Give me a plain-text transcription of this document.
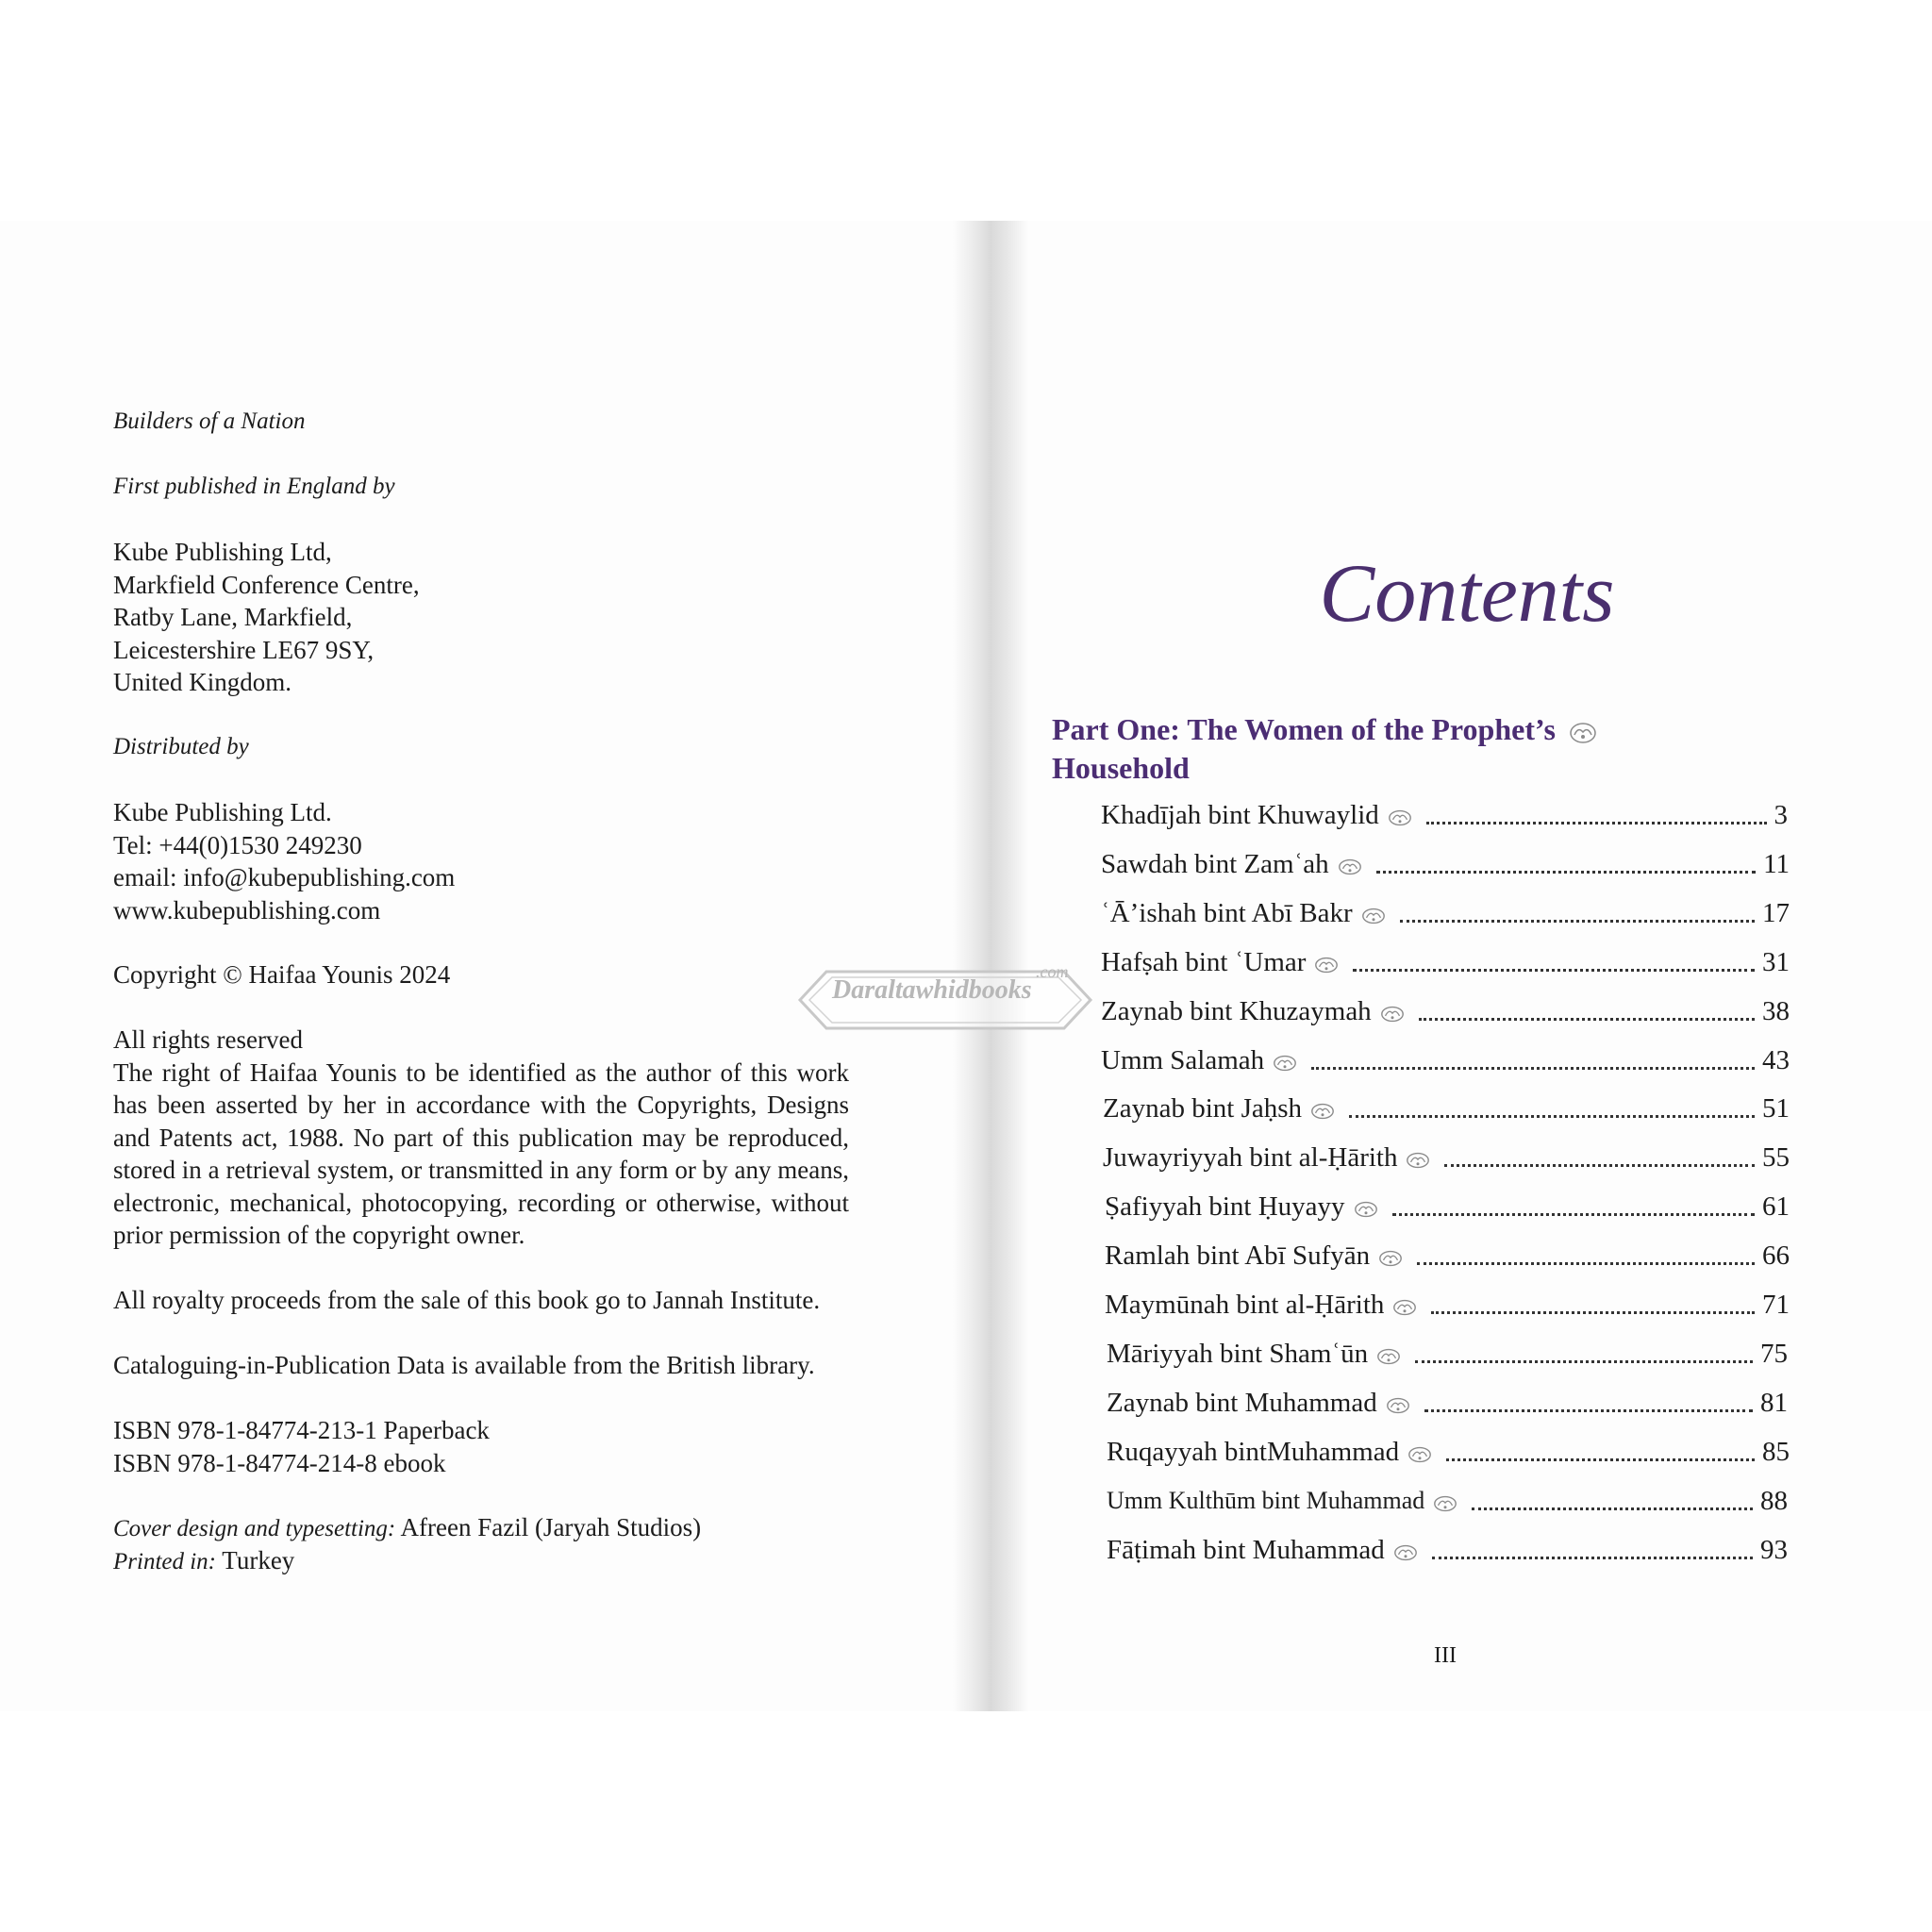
Builders of a Nation
First published in England by
Kube Publishing Ltd,
Markfield Conference Centre,
Ratby Lane, Markfield,
Leicestershire LE67 9SY,
United Kingdom.
Distributed by
Kube Publishing Ltd.
Tel: +44(0)1530 249230
email: info@kubepublishing.com
www.kubepublishing.com
Copyright © Haifaa Younis 2024
All rights reserved
The right of Haifaa Younis to be identified as the author of this work has been asserted by her in accordance with the Copyrights, Designs and Patents act, 1988. No part of this publication may be reproduced, stored in a retrieval system, or transmitted in any form or by any means, electronic, mechanical, photocopying, recording or otherwise, without prior permission of the copyright owner.
All royalty proceeds from the sale of this book go to Jannah Institute.
Cataloguing-in-Publication Data is available from the British library.
ISBN 978-1-84774-213-1 Paperback
ISBN 978-1-84774-214-8 ebook
Cover design and typesetting: Afreen Fazil (Jaryah Studios)
Printed in: Turkey
Contents
Part One: The Women of the Prophet’s
Household
Khadījah bint Khuwaylid	3
Sawdah bint Zamʿah	11
ʿĀ’ishah bint Abī Bakr	17
Hafṣah bint ʿUmar	31
Zaynab bint Khuzaymah	38
Umm Salamah	43
Zaynab bint Jaḥsh	51
Juwayriyyah bint al-Ḥārith	55
Ṣafiyyah bint Ḥuyayy	61
Ramlah bint Abī Sufyān	66
Maymūnah bint al-Ḥārith	71
Māriyyah bint Shamʿūn	75
Zaynab bint Muhammad	81
Ruqayyah bintMuhammad	85
Umm Kulthūm bint Muhammad	88
Fāṭimah bint Muhammad	93
III
Daraltawhidbooks
.com
